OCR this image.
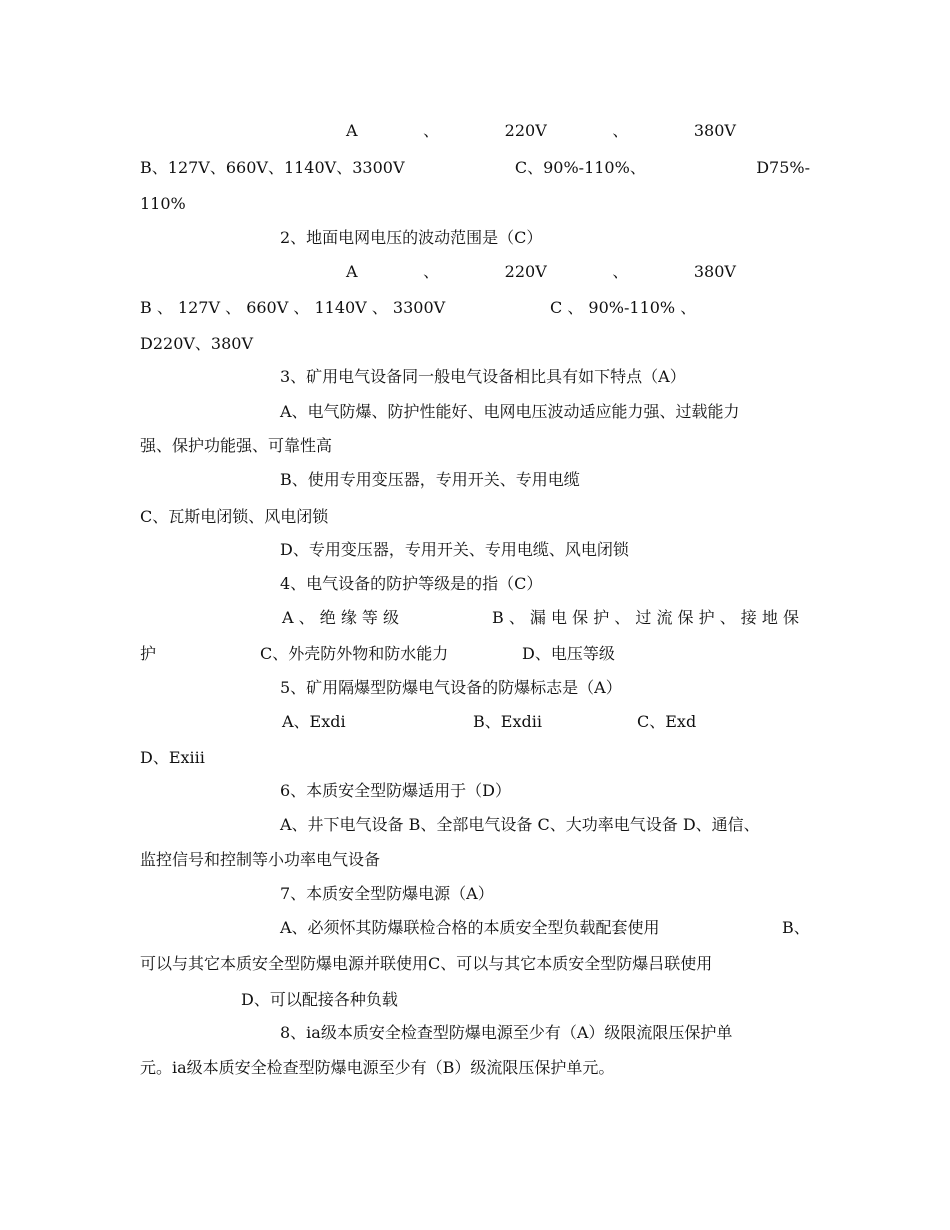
A	、	220V	、	380V
B、127V、660V、1140V、3300V	C、90%-110%、	D75%-
110%
2、地面电网电压的波动范围是（C）
A	、	220V	、	380V
B 、 127V 、 660V 、 1140V 、 3300V	C 、 90%-110% 、
D220V、380V
3、矿用电气设备同一般电气设备相比具有如下特点（A）
A、电气防爆、防护性能好、电网电压波动适应能力强、过载能力
强、保护功能强、可靠性高
B、使用专用变压器，专用开关、专用电缆
C、瓦斯电闭锁、风电闭锁
D、专用变压器，专用开关、专用电缆、风电闭锁
4、电气设备的防护等级是的指（C）
A 、 绝 缘 等 级	B 、 漏 电 保 护 、 过 流 保 护 、 接 地 保
护	C、外壳防外物和防水能力	D、电压等级
5、矿用隔爆型防爆电气设备的防爆标志是（A）
A、Exdi	B、Exdii	C、Exd
D、Exiii
6、本质安全型防爆适用于（D）
A、井下电气设备 B、全部电气设备 C、大功率电气设备 D、通信、
监控信号和控制等小功率电气设备
7、本质安全型防爆电源（A）
A、必须怀其防爆联检合格的本质安全型负载配套使用	B、
可以与其它本质安全型防爆电源并联使用C、可以与其它本质安全型防爆吕联使用
D、可以配接各种负载
8、ia级本质安全检查型防爆电源至少有（A）级限流限压保护单
元。ia级本质安全检查型防爆电源至少有（B）级流限压保护单元。
